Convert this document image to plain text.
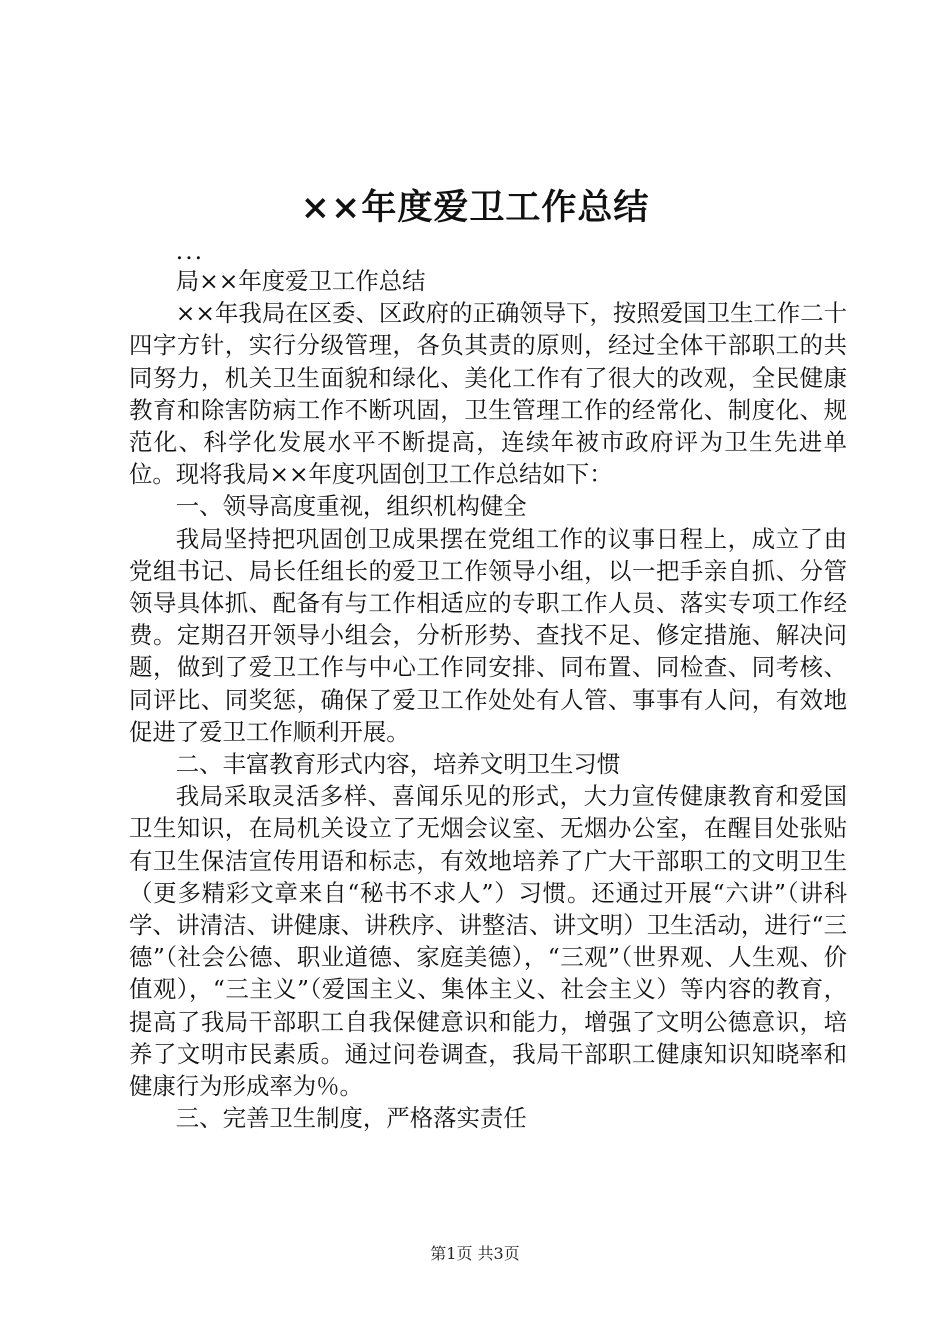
××年度爱卫工作总结

...

局××年度爱卫工作总结

××年我局在区委、区政府的正确领导下，按照爱国卫生工作二十四字方针，实行分级管理，各负其责的原则，经过全体干部职工的共同努力，机关卫生面貌和绿化、美化工作有了很大的改观，全民健康教育和除害防病工作不断巩固，卫生管理工作的经常化、制度化、规范化、科学化发展水平不断提高，连续年被市政府评为卫生先进单位。现将我局××年度巩固创卫工作总结如下：

一、领导高度重视，组织机构健全

我局坚持把巩固创卫成果摆在党组工作的议事日程上，成立了由党组书记、局长任组长的爱卫工作领导小组，以一把手亲自抓、分管领导具体抓、配备有与工作相适应的专职工作人员、落实专项工作经费。定期召开领导小组会，分析形势、查找不足、修定措施、解决问题，做到了爱卫工作与中心工作同安排、同布置、同检查、同考核、同评比、同奖惩，确保了爱卫工作处处有人管、事事有人问，有效地促进了爱卫工作顺利开展。

二、丰富教育形式内容，培养文明卫生习惯

我局采取灵活多样、喜闻乐见的形式，大力宣传健康教育和爱国卫生知识，在局机关设立了无烟会议室、无烟办公室，在醒目处张贴有卫生保洁宣传用语和标志，有效地培养了广大干部职工的文明卫生（更多精彩文章来自“秘书不求人”）习惯。还通过开展“六讲”（讲科学、讲清洁、讲健康、讲秩序、讲整洁、讲文明）卫生活动，进行“三德”（社会公德、职业道德、家庭美德），“三观”（世界观、人生观、价值观），“三主义”（爱国主义、集体主义、社会主义）等内容的教育，提高了我局干部职工自我保健意识和能力，增强了文明公德意识，培养了文明市民素质。通过问卷调查，我局干部职工健康知识知晓率和健康行为形成率为％。

三、完善卫生制度，严格落实责任

第1页 共3页
